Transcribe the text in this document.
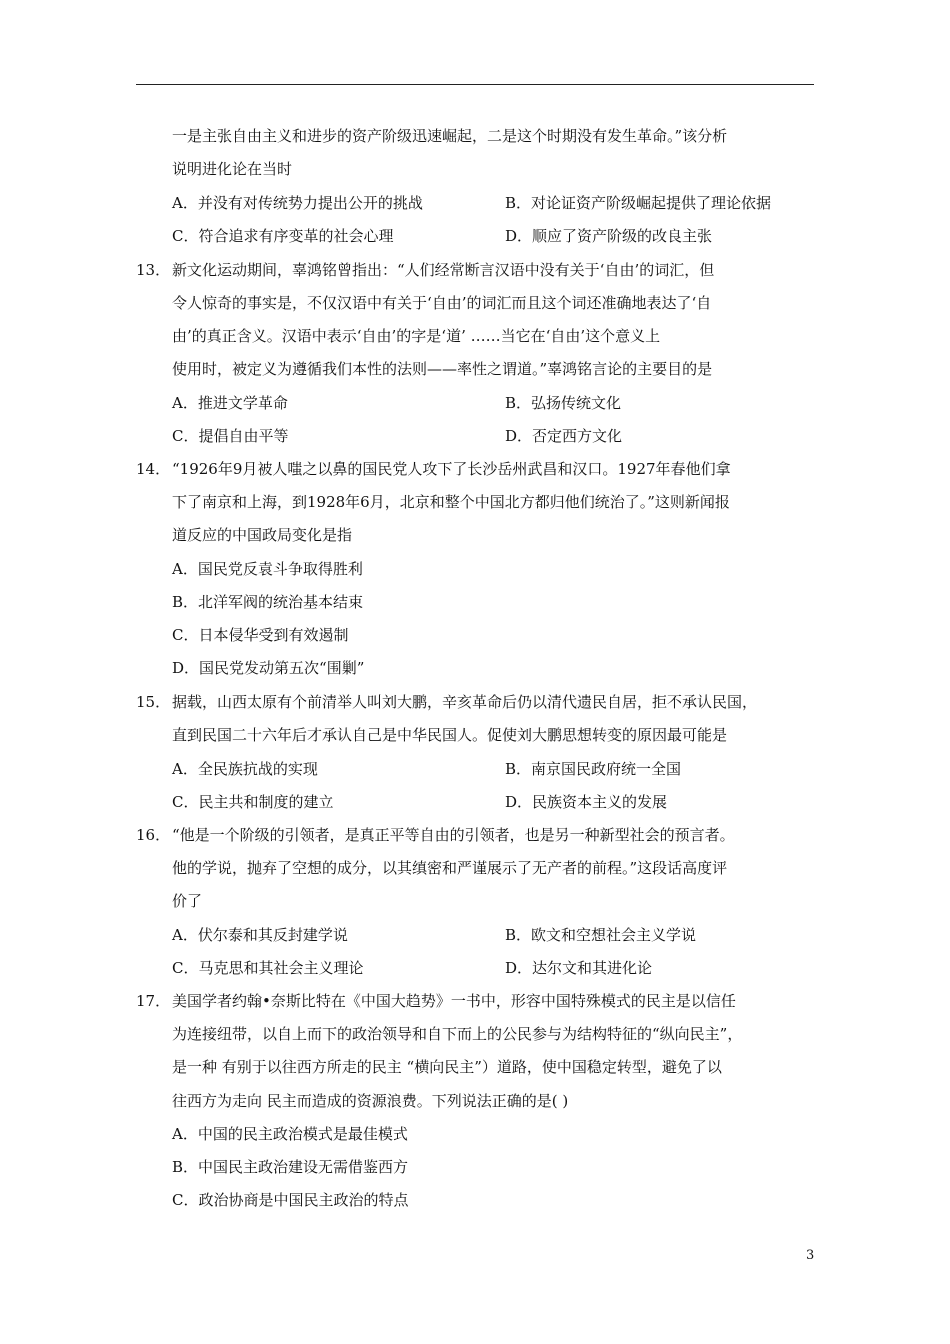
一是主张自由主义和进步的资产阶级迅速崛起，二是这个时期没有发生革命。”该分析
说明进化论在当时
A．并没有对传统势力提出公开的挑战	B．对论证资产阶级崛起提供了理论依据
C．符合追求有序变革的社会心理	D．顺应了资产阶级的改良主张
13． 新文化运动期间，辜鸿铭曾指出：“人们经常断言汉语中没有关于‘自由’的词汇，但
令人惊奇的事实是，不仅汉语中有关于‘自由’的词汇而且这个词还准确地表达了‘自
由’的真正含义。汉语中表示‘自由’的字是‘道’ ……当它在‘自由’这个意义上
使用时，被定义为遵循我们本性的法则——率性之谓道。”辜鸿铭言论的主要目的是
A．推进文学革命	B．弘扬传统文化
C．提倡自由平等	D．否定西方文化
14． “1926年9月被人嗤之以鼻的国民党人攻下了长沙岳州武昌和汉口。1927年春他们拿
下了南京和上海，到1928年6月，北京和整个中国北方都归他们统治了。”这则新闻报
道反应的中国政局变化是指
A．国民党反袁斗争取得胜利
B．北洋军阀的统治基本结束
C．日本侵华受到有效遏制
D．国民党发动第五次“围剿”
15． 据载，山西太原有个前清举人叫刘大鹏，辛亥革命后仍以清代遗民自居，拒不承认民国，
直到民国二十六年后才承认自己是中华民国人。促使刘大鹏思想转变的原因最可能是
A．全民族抗战的实现	B．南京国民政府统一全国
C．民主共和制度的建立	D．民族资本主义的发展
16． “他是一个阶级的引领者，是真正平等自由的引领者，也是另一种新型社会的预言者。
他的学说，抛弃了空想的成分，以其缜密和严谨展示了无产者的前程。”这段话高度评
价了
A．伏尔泰和其反封建学说	B．欧文和空想社会主义学说
C．马克思和其社会主义理论	D．达尔文和其进化论
17． 美国学者约翰•奈斯比特在《中国大趋势》一书中，形容中国特殊模式的民主是以信任
为连接纽带，以自上而下的政治领导和自下而上的公民参与为结构特征的“纵向民主”，
是一种 有别于以往西方所走的民主 “横向民主”）道路，使中国稳定转型，避免了以
往西方为走向 民主而造成的资源浪费。下列说法正确的是( )
A．中国的民主政治模式是最佳模式
B．中国民主政治建设无需借鉴西方
C．政治协商是中国民主政治的特点
3
